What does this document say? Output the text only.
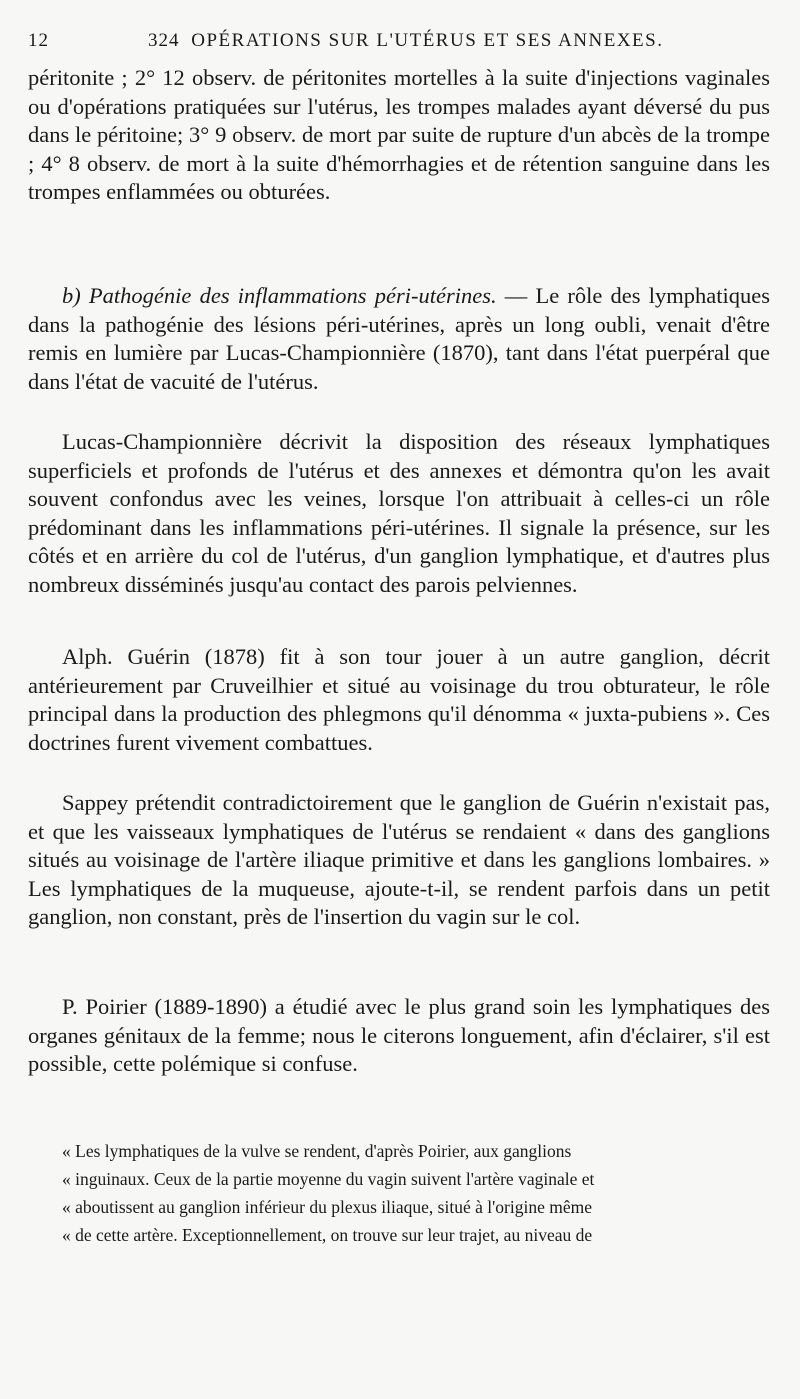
12	324 OPÉRATIONS SUR L'UTÉRUS ET SES ANNEXES.

péritonite ; 2° 12 observ. de péritonites mortelles à la suite d'injections vaginales ou d'opérations pratiquées sur l'utérus, les trompes malades ayant déversé du pus dans le péritoine; 3° 9 observ. de mort par suite de rupture d'un abcès de la trompe ; 4° 8 observ. de mort à la suite d'hémorrhagies et de rétention sanguine dans les trompes enflammées ou obturées.

b) Pathogénie des inflammations péri-utérines. — Le rôle des lymphatiques dans la pathogénie des lésions péri-utérines, après un long oubli, venait d'être remis en lumière par Lucas-Championnière (1870), tant dans l'état puerpéral que dans l'état de vacuité de l'utérus.

Lucas-Championnière décrivit la disposition des réseaux lymphatiques superficiels et profonds de l'utérus et des annexes et démontra qu'on les avait souvent confondus avec les veines, lorsque l'on attribuait à celles-ci un rôle prédominant dans les inflammations péri-utérines. Il signale la présence, sur les côtés et en arrière du col de l'utérus, d'un ganglion lymphatique, et d'autres plus nombreux disséminés jusqu'au contact des parois pelviennes.

Alph. Guérin (1878) fit à son tour jouer à un autre ganglion, décrit antérieurement par Cruveilhier et situé au voisinage du trou obturateur, le rôle principal dans la production des phlegmons qu'il dénomma « juxta-pubiens ». Ces doctrines furent vivement combattues.

Sappey prétendit contradictoirement que le ganglion de Guérin n'existait pas, et que les vaisseaux lymphatiques de l'utérus se rendaient « dans des ganglions situés au voisinage de l'artère iliaque primitive et dans les ganglions lombaires. » Les lymphatiques de la muqueuse, ajoute-t-il, se rendent parfois dans un petit ganglion, non constant, près de l'insertion du vagin sur le col.

P. Poirier (1889-1890) a étudié avec le plus grand soin les lymphatiques des organes génitaux de la femme; nous le citerons longuement, afin d'éclairer, s'il est possible, cette polémique si confuse.

« Les lymphatiques de la vulve se rendent, d'après Poirier, aux ganglions

« inguinaux. Ceux de la partie moyenne du vagin suivent l'artère vaginale et

« aboutissent au ganglion inférieur du plexus iliaque, situé à l'origine même

« de cette artère. Exceptionnellement, on trouve sur leur trajet, au niveau de
